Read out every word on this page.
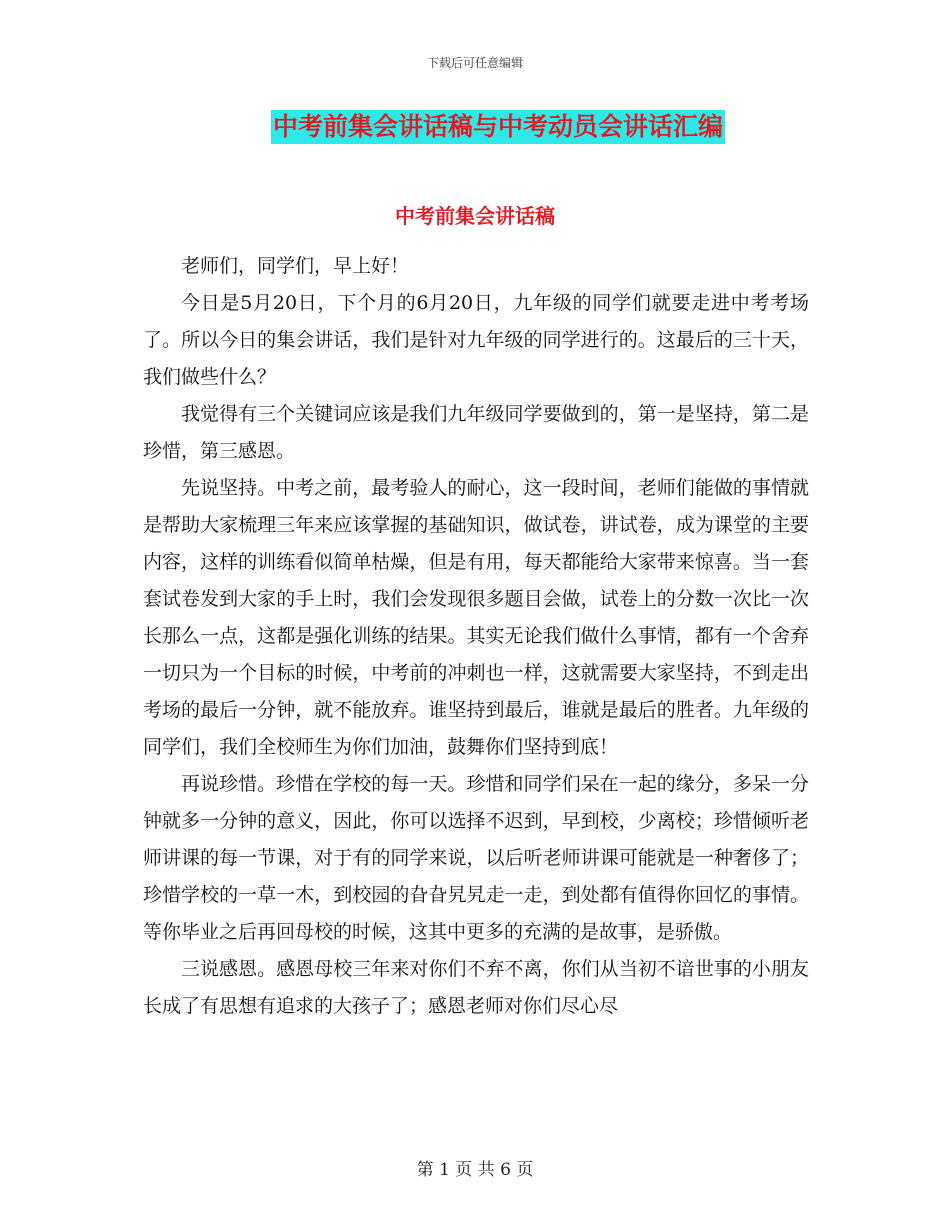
下载后可任意编辑
中考前集会讲话稿与中考动员会讲话汇编
中考前集会讲话稿

老师们，同学们，早上好！

今日是5月20日，下个月的6月20日，九年级的同学们就要走进中考考场了。所以今日的集会讲话，我们是针对九年级的同学进行的。这最后的三十天，我们做些什么？

我觉得有三个关键词应该是我们九年级同学要做到的，第一是坚持，第二是珍惜，第三感恩。

先说坚持。中考之前，最考验人的耐心，这一段时间，老师们能做的事情就是帮助大家梳理三年来应该掌握的基础知识，做试卷，讲试卷，成为课堂的主要内容，这样的训练看似简单枯燥，但是有用，每天都能给大家带来惊喜。当一套套试卷发到大家的手上时，我们会发现很多题目会做，试卷上的分数一次比一次长那么一点，这都是强化训练的结果。其实无论我们做什么事情，都有一个舍弃一切只为一个目标的时候，中考前的冲刺也一样，这就需要大家坚持，不到走出考场的最后一分钟，就不能放弃。谁坚持到最后，谁就是最后的胜者。九年级的同学们，我们全校师生为你们加油，鼓舞你们坚持到底！

再说珍惜。珍惜在学校的每一天。珍惜和同学们呆在一起的缘分，多呆一分钟就多一分钟的意义，因此，你可以选择不迟到，早到校，少离校；珍惜倾听老师讲课的每一节课，对于有的同学来说，以后听老师讲课可能就是一种奢侈了；珍惜学校的一草一木，到校园的旮旮旯旯走一走，到处都有值得你回忆的事情。等你毕业之后再回母校的时候，这其中更多的充满的是故事，是骄傲。

三说感恩。感恩母校三年来对你们不弃不离，你们从当初不谙世事的小朋友长成了有思想有追求的大孩子了；感恩老师对你们尽心尽

第 1 页 共 6 页
